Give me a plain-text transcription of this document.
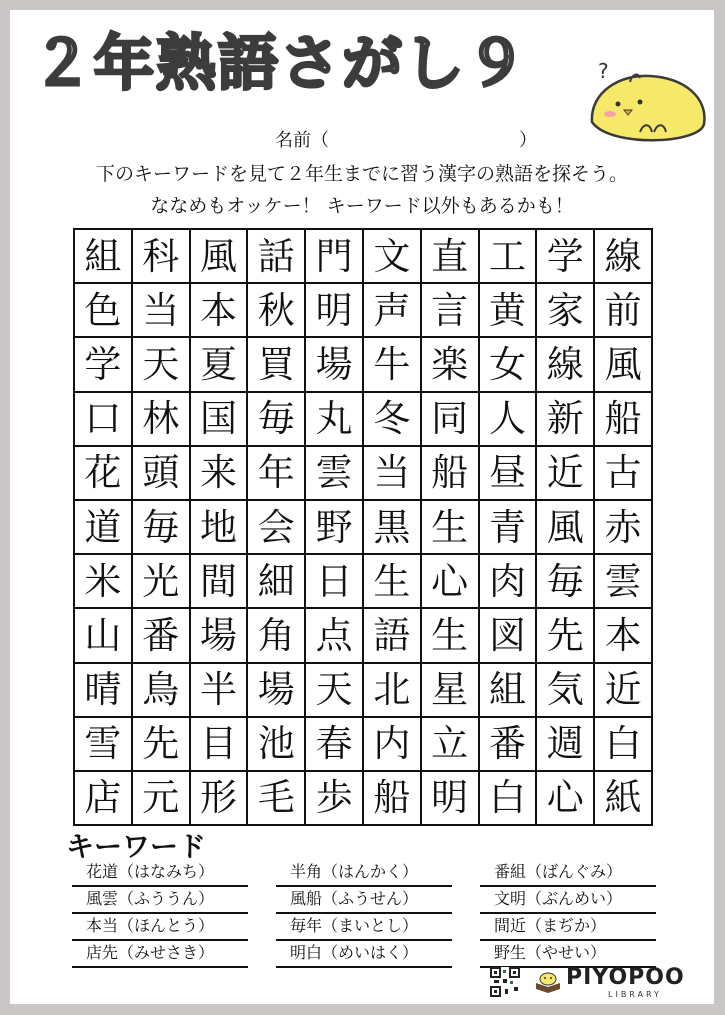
２年熟語さがし９	?
名前（	）
下のキーワードを見て２年生までに習う漢字の熟語を探そう。
ななめもオッケー！ キーワード以外もあるかも！
組 科 風 話 門 文 直 工 学 線
色 当 本 秋 明 声 言 黄 家 前
学 天 夏 買 場 牛 楽 女 線 風
口 林 国 毎 丸 冬 同 人 新 船
花 頭 来 年 雲 当 船 昼 近 古
道 毎 地 会 野 黒 生 青 風 赤
米 光 間 細 日 生 心 肉 毎 雲
山 番 場 角 点 語 生 図 先 本
晴 鳥 半 場 天 北 星 組 気 近
雪 先 目 池 春 内 立 番 週 白
店 元 形 毛 歩 船 明 白 心 紙
キーワード
花道（はなみち）
風雲（ふううん）
本当（ほんとう）
店先（みせさき）
半角（はんかく）
風船（ふうせん）
毎年（まいとし）
明白（めいはく）
番組（ばんぐみ）
文明（ぶんめい）
間近（まぢか）
野生（やせい）
PIYOPOO
LIBRARY
